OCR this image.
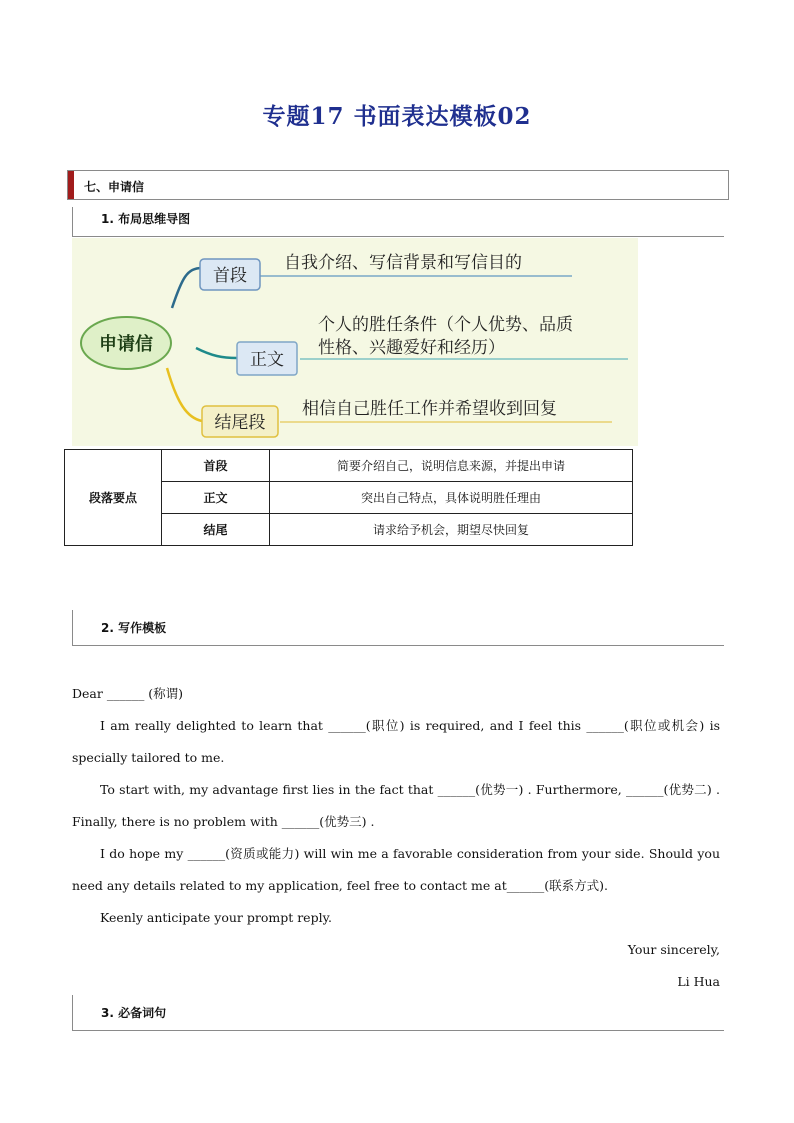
专题17 书面表达模板02
七、申请信
1. 布局思维导图
申请信
首段
自我介绍、写信背景和写信目的
正文
个人的胜任条件（个人优势、品质
性格、兴趣爱好和经历）
结尾段
相信自己胜任工作并希望收到回复
段落要点	首段	简要介绍自己，说明信息来源，并提出申请
	正文	突出自己特点，具体说明胜任理由
	结尾	请求给予机会，期望尽快回复
2. 写作模板

Dear ______ (称谓)

I am really delighted to learn that ______(职位) is required, and I feel this ______(职位或机会) is specially tailored to me.

To start with, my advantage first lies in the fact that ______(优势一) . Furthermore, ______(优势二) . Finally, there is no problem with ______(优势三) .

I do hope my ______(资质或能力) will win me a favorable consideration from your side. Should you need any details related to my application, feel free to contact me at______(联系方式).

Keenly anticipate your prompt reply.

Your sincerely,

Li Hua

3. 必备词句
